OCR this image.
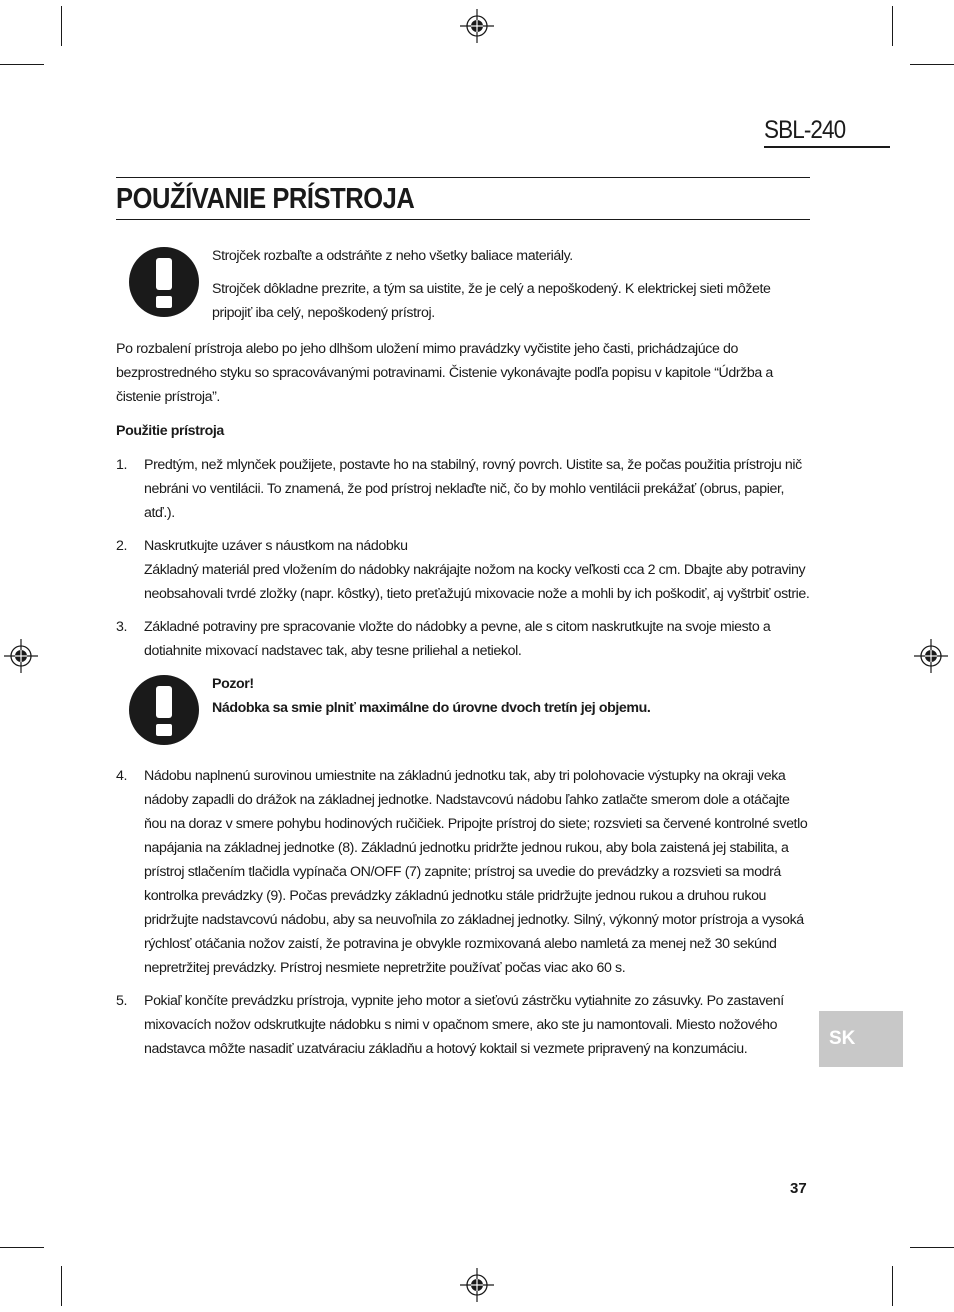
SBL-240
POUŽÍVANIE PRÍSTROJA

Strojček rozbaľte a odstráňte z neho všetky baliace materiály.

Strojček dôkladne prezrite, a tým sa uistite, že je celý a nepoškodený. K elektrickej sieti môžete pripojiť iba celý, nepoškodený prístroj.

Po rozbalení prístroja alebo po jeho dlhšom uložení mimo pravádzky vyčistite jeho časti, prichádzajúce do bezprostredného styku so spracovávanými potravinami. Čistenie vykonávajte podľa popisu v kapitole “Údržba a čistenie prístroja”.

Použitie prístroja

1. Predtým, než mlynček použijete, postavte ho na stabilný, rovný povrch. Uistite sa, že počas použitia prístroju nič nebráni vo ventilácii. To znamená, že pod prístroj neklaďte nič, čo by mohlo ventilácii prekážať (obrus, papier, atď.).

2. Naskrutkujte uzáver s náustkom na nádobku

Základný materiál pred vložením do nádobky nakrájajte nožom na kocky veľkosti cca 2 cm. Dbajte aby potraviny neobsahovali tvrdé zložky (napr. kôstky), tieto preťažujú mixovacie nože a mohli by ich poškodiť, aj vyštrbiť ostrie.

3. Základné potraviny pre spracovanie vložte do nádobky a pevne, ale s citom naskrutkujte na svoje miesto a dotiahnite mixovací nadstavec tak, aby tesne priliehal a netiekol.

Pozor!

Nádobka sa smie plniť maximálne do úrovne dvoch tretín jej objemu.

4. Nádobu naplnenú surovinou umiestnite na základnú jednotku tak, aby tri polohovacie výstupky na okraji veka nádoby zapadli do drážok na základnej jednotke. Nadstavcovú nádobu ľahko zatlačte smerom dole a otáčajte ňou na doraz v smere pohybu hodinových ručičiek. Pripojte prístroj do siete; rozsvieti sa červené kontrolné svetlo napájania na základnej jednotke (8). Základnú jednotku pridržte jednou rukou, aby bola zaistená jej stabilita, a prístroj stlačením tlačidla vypínača ON/OFF (7) zapnite; prístroj sa uvedie do prevádzky a rozsvieti sa modrá kontrolka prevádzky (9). Počas prevádzky základnú jednotku stále pridržujte jednou rukou a druhou rukou pridržujte nadstavcovú nádobu, aby sa neuvoľnila zo základnej jednotky. Silný, výkonný motor prístroja a vysoká rýchlosť otáčania nožov zaistí, že potravina je obvykle rozmixovaná alebo namletá za menej než 30 sekúnd nepretržitej prevádzky. Prístroj nesmiete nepretržite používať počas viac ako 60 s.

5. Pokiaľ končíte prevádzku prístroja, vypnite jeho motor a sieťovú zástrčku vytiahnite zo zásuvky. Po zastavení mixovacích nožov odskrutkujte nádobku s nimi v opačnom smere, ako ste ju namontovali. Miesto nožového nadstavca môžte nasadiť uzatváraciu základňu a hotový koktail si vezmete pripravený na konzumáciu.	SK
37
